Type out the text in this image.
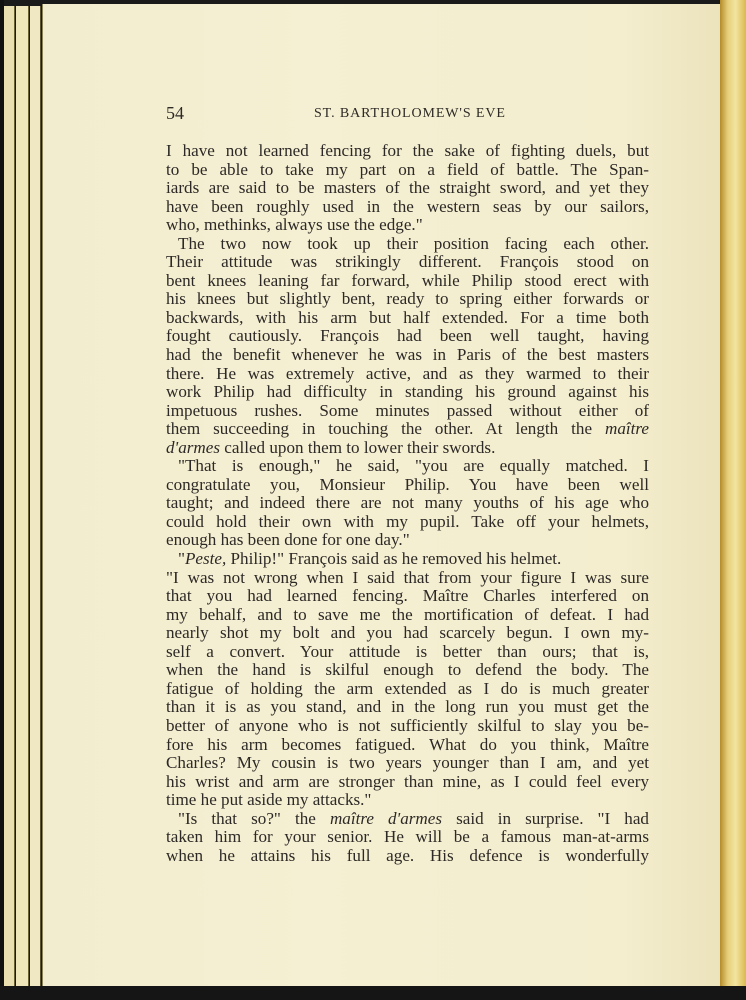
54	ST. BARTHOLOMEW'S EVE
I have not learned fencing for the sake of fighting duels, but
to be able to take my part on a field of battle. The Span-
iards are said to be masters of the straight sword, and yet they
have been roughly used in the western seas by our sailors,
who, methinks, always use the edge."
The two now took up their position facing each other.
Their attitude was strikingly different. François stood on
bent knees leaning far forward, while Philip stood erect with
his knees but slightly bent, ready to spring either forwards or
backwards, with his arm but half extended. For a time both
fought cautiously. François had been well taught, having
had the benefit whenever he was in Paris of the best masters
there. He was extremely active, and as they warmed to their
work Philip had difficulty in standing his ground against his
impetuous rushes. Some minutes passed without either of
them succeeding in touching the other. At length the maître
d'armes called upon them to lower their swords.
"That is enough," he said, "you are equally matched. I
congratulate you, Monsieur Philip. You have been well
taught; and indeed there are not many youths of his age who
could hold their own with my pupil. Take off your helmets,
enough has been done for one day."
"Peste, Philip!" François said as he removed his helmet.
"I was not wrong when I said that from your figure I was sure
that you had learned fencing. Maître Charles interfered on
my behalf, and to save me the mortification of defeat. I had
nearly shot my bolt and you had scarcely begun. I own my-
self a convert. Your attitude is better than ours; that is,
when the hand is skilful enough to defend the body. The
fatigue of holding the arm extended as I do is much greater
than it is as you stand, and in the long run you must get the
better of anyone who is not sufficiently skilful to slay you be-
fore his arm becomes fatigued. What do you think, Maître
Charles? My cousin is two years younger than I am, and yet
his wrist and arm are stronger than mine, as I could feel every
time he put aside my attacks."
"Is that so?" the maître d'armes said in surprise. "I had
taken him for your senior. He will be a famous man-at-arms
when he attains his full age. His defence is wonderfully
